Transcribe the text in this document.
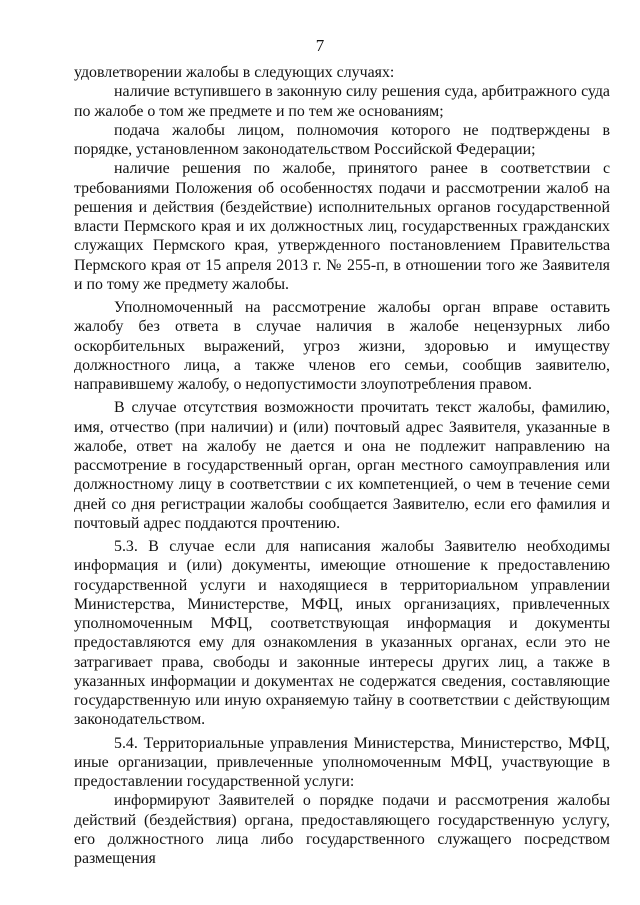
7

удовлетворении жалобы в следующих случаях:

наличие вступившего в законную силу решения суда, арбитражного суда по жалобе о том же предмете и по тем же основаниям;

подача жалобы лицом, полномочия которого не подтверждены в порядке, установленном законодательством Российской Федерации;

наличие решения по жалобе, принятого ранее в соответствии с требованиями Положения об особенностях подачи и рассмотрении жалоб на решения и действия (бездействие) исполнительных органов государственной власти Пермского края и их должностных лиц, государственных гражданских служащих Пермского края, утвержденного постановлением Правительства Пермского края от 15 апреля 2013 г. № 255-п, в отношении того же Заявителя и по тому же предмету жалобы.

Уполномоченный на рассмотрение жалобы орган вправе оставить жалобу без ответа в случае наличия в жалобе нецензурных либо оскорбительных выражений, угроз жизни, здоровью и имуществу должностного лица, а также членов его семьи, сообщив заявителю, направившему жалобу, о недопустимости злоупотребления правом.

В случае отсутствия возможности прочитать текст жалобы, фамилию, имя, отчество (при наличии) и (или) почтовый адрес Заявителя, указанные в жалобе, ответ на жалобу не дается и она не подлежит направлению на рассмотрение в государственный орган, орган местного самоуправления или должностному лицу в соответствии с их компетенцией, о чем в течение семи дней со дня регистрации жалобы сообщается Заявителю, если его фамилия и почтовый адрес поддаются прочтению.

5.3. В случае если для написания жалобы Заявителю необходимы информация и (или) документы, имеющие отношение к предоставлению государственной услуги и находящиеся в территориальном управлении Министерства, Министерстве, МФЦ, иных организациях, привлеченных уполномоченным МФЦ, соответствующая информация и документы предоставляются ему для ознакомления в указанных органах, если это не затрагивает права, свободы и законные интересы других лиц, а также в указанных информации и документах не содержатся сведения, составляющие государственную или иную охраняемую тайну в соответствии с действующим законодательством.

5.4. Территориальные управления Министерства, Министерство, МФЦ, иные организации, привлеченные уполномоченным МФЦ, участвующие в предоставлении государственной услуги:

информируют Заявителей о порядке подачи и рассмотрения жалобы действий (бездействия) органа, предоставляющего государственную услугу, его должностного лица либо государственного служащего посредством размещения
